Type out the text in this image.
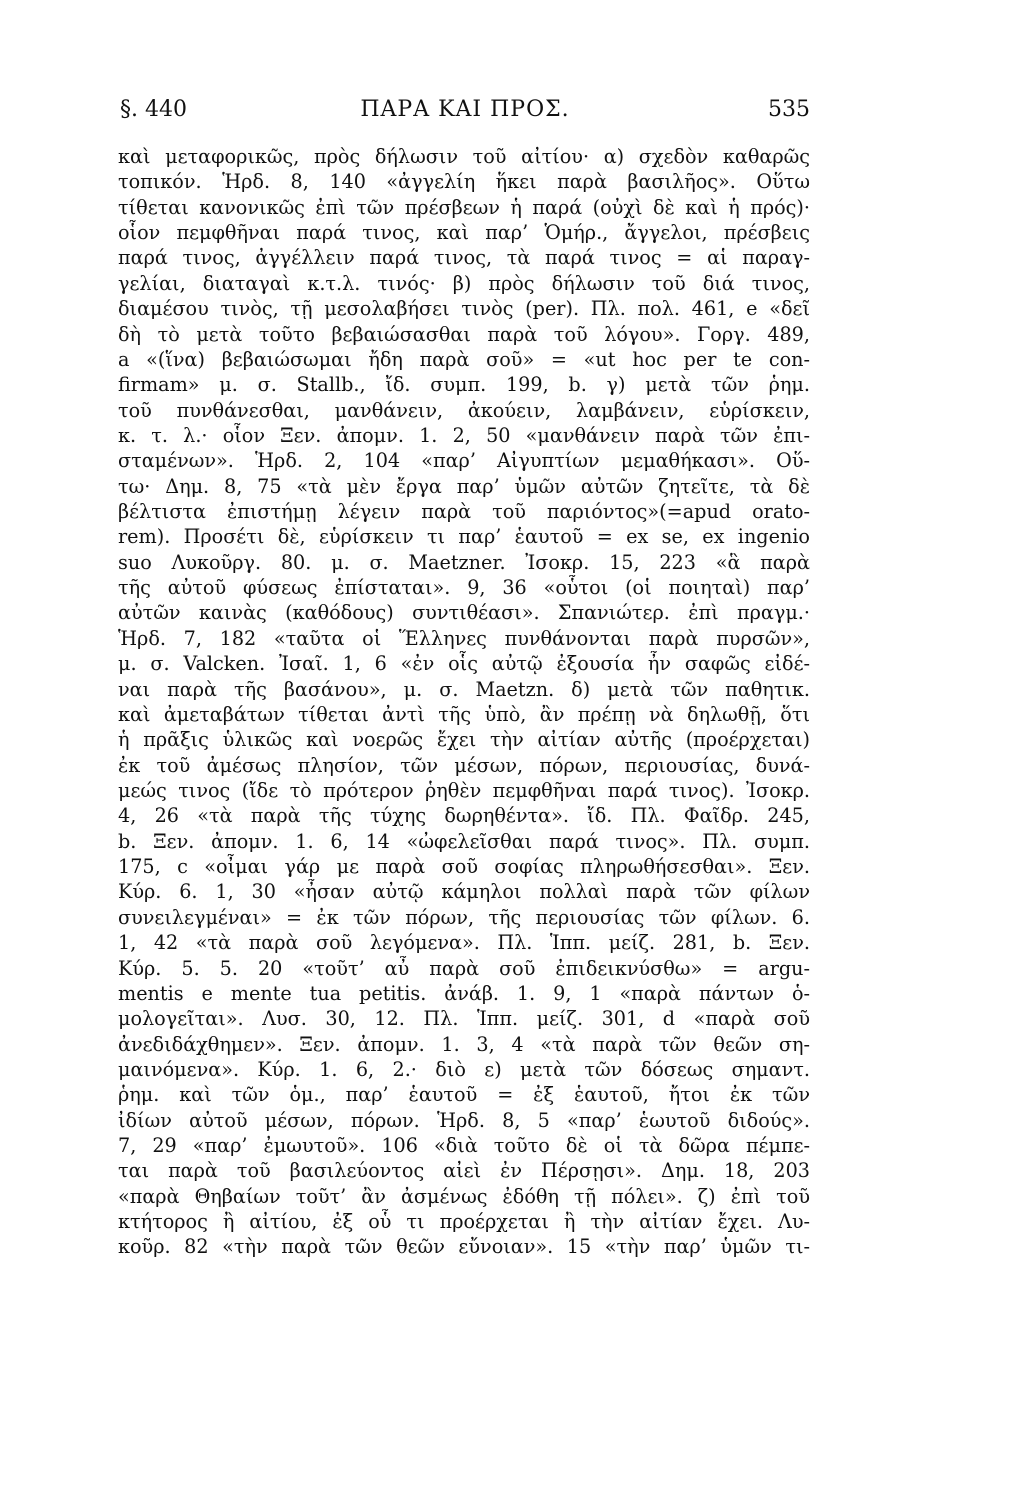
ΠΑΡΑ ΚΑΙ ΠΡΟΣ.
§. 440	535
καὶ μεταφορικῶς, πρὸς δήλωσιν τοῦ αἰτίου· α) σχεδὸν καθαρῶς
τοπικόν. Ἡρδ. 8, 140 «ἀγγελίη ἥκει παρὰ βασιλῆος». Οὕτω
τίθεται κανονικῶς ἐπὶ τῶν πρέσβεων ἡ παρά (οὐχὶ δὲ καὶ ἡ πρός)·
οἷον πεμφθῆναι παρά τινος, καὶ παρ’ Ὁμήρ., ἄγγελοι, πρέσβεις
παρά τινος, ἀγγέλλειν παρά τινος, τὰ παρά τινος = αἱ παραγ-
γελίαι, διαταγαὶ κ.τ.λ. τινός· β) πρὸς δήλωσιν τοῦ διά τινος,
διαμέσου τινὸς, τῇ μεσολαβήσει τινὸς (per). Πλ. πολ. 461, e «δεῖ
δὴ τὸ μετὰ τοῦτο βεβαιώσασθαι παρὰ τοῦ λόγου». Γοργ. 489,
a «(ἵνα) βεβαιώσωμαι ἤδη παρὰ σοῦ» = «ut hoc per te con-
firmam» μ. σ. Stallb., ἴδ. συμπ. 199, b. γ) μετὰ τῶν ῥημ.
τοῦ πυνθάνεσθαι, μανθάνειν, ἀκούειν, λαμβάνειν, εὑρίσκειν,
κ. τ. λ.· οἷον Ξεν. ἀπομν. 1. 2, 50 «μανθάνειν παρὰ τῶν ἐπι-
σταμένων». Ἡρδ. 2, 104 «παρ’ Αἰγυπτίων μεμαθήκασι». Οὕ-
τω· Δημ. 8, 75 «τὰ μὲν ἔργα παρ’ ὑμῶν αὐτῶν ζητεῖτε, τὰ δὲ
βέλτιστα ἐπιστήμῃ λέγειν παρὰ τοῦ παριόντος»(=apud orato-
rem). Προσέτι δὲ, εὑρίσκειν τι παρ’ ἑαυτοῦ = ex se, ex ingenio
suo Λυκοῦργ. 80. μ. σ. Maetzner. Ἰσοκρ. 15, 223 «ἃ παρὰ
τῆς αὐτοῦ φύσεως ἐπίσταται». 9, 36 «οὗτοι (οἱ ποιηταὶ) παρ’
αὐτῶν καινὰς (καθόδους) συντιθέασι». Σπανιώτερ. ἐπὶ πραγμ.·
Ἡρδ. 7, 182 «ταῦτα οἱ Ἕλληνες πυνθάνονται παρὰ πυρσῶν»,
μ. σ. Valcken. Ἰσαῖ. 1, 6 «ἐν οἷς αὐτῷ ἐξουσία ἦν σαφῶς εἰδέ-
ναι παρὰ τῆς βασάνου», μ. σ. Maetzn. δ) μετὰ τῶν παθητικ.
καὶ ἀμεταβάτων τίθεται ἀντὶ τῆς ὑπὸ, ἂν πρέπῃ νὰ δηλωθῇ, ὅτι
ἡ πρᾶξις ὑλικῶς καὶ νοερῶς ἔχει τὴν αἰτίαν αὐτῆς (προέρχεται)
ἐκ τοῦ ἀμέσως πλησίον, τῶν μέσων, πόρων, περιουσίας, δυνά-
μεώς τινος (ἴδε τὸ πρότερον ῥηθὲν πεμφθῆναι παρά τινος). Ἰσοκρ.
4, 26 «τὰ παρὰ τῆς τύχης δωρηθέντα». ἴδ. Πλ. Φαῖδρ. 245,
b. Ξεν. ἀπομν. 1. 6, 14 «ὠφελεῖσθαι παρά τινος». Πλ. συμπ.
175, c «οἶμαι γάρ με παρὰ σοῦ σοφίας πληρωθήσεσθαι». Ξεν.
Κύρ. 6. 1, 30 «ἦσαν αὐτῷ κάμηλοι πολλαὶ παρὰ τῶν φίλων
συνειλεγμέναι» = ἐκ τῶν πόρων, τῆς περιουσίας τῶν φίλων. 6.
1, 42 «τὰ παρὰ σοῦ λεγόμενα». Πλ. Ἱππ. μείζ. 281, b. Ξεν.
Κύρ. 5. 5. 20 «τοῦτ’ αὖ παρὰ σοῦ ἐπιδεικνύσθω» = argu-
mentis e mente tua petitis. ἀνάβ. 1. 9, 1 «παρὰ πάντων ὁ-
μολογεῖται». Λυσ. 30, 12. Πλ. Ἱππ. μείζ. 301, d «παρὰ σοῦ
ἀνεδιδάχθημεν». Ξεν. ἀπομν. 1. 3, 4 «τὰ παρὰ τῶν θεῶν ση-
μαινόμενα». Κύρ. 1. 6, 2.· διὸ ε) μετὰ τῶν δόσεως σημαντ.
ῥημ. καὶ τῶν ὁμ., παρ’ ἑαυτοῦ = ἐξ ἑαυτοῦ, ἤτοι ἐκ τῶν
ἰδίων αὐτοῦ μέσων, πόρων. Ἡρδ. 8, 5 «παρ’ ἑωυτοῦ διδούς».
7, 29 «παρ’ ἐμωυτοῦ». 106 «διὰ τοῦτο δὲ οἱ τὰ δῶρα πέμπε-
ται παρὰ τοῦ βασιλεύοντος αἰεὶ ἐν Πέρσῃσι». Δημ. 18, 203
«παρὰ Θηβαίων τοῦτ’ ἂν ἀσμένως ἐδόθη τῇ πόλει». ζ) ἐπὶ τοῦ
κτήτορος ἢ αἰτίου, ἐξ οὗ τι προέρχεται ἢ τὴν αἰτίαν ἔχει. Λυ-
κοῦρ. 82 «τὴν παρὰ τῶν θεῶν εὔνοιαν». 15 «τὴν παρ’ ὑμῶν τι-
